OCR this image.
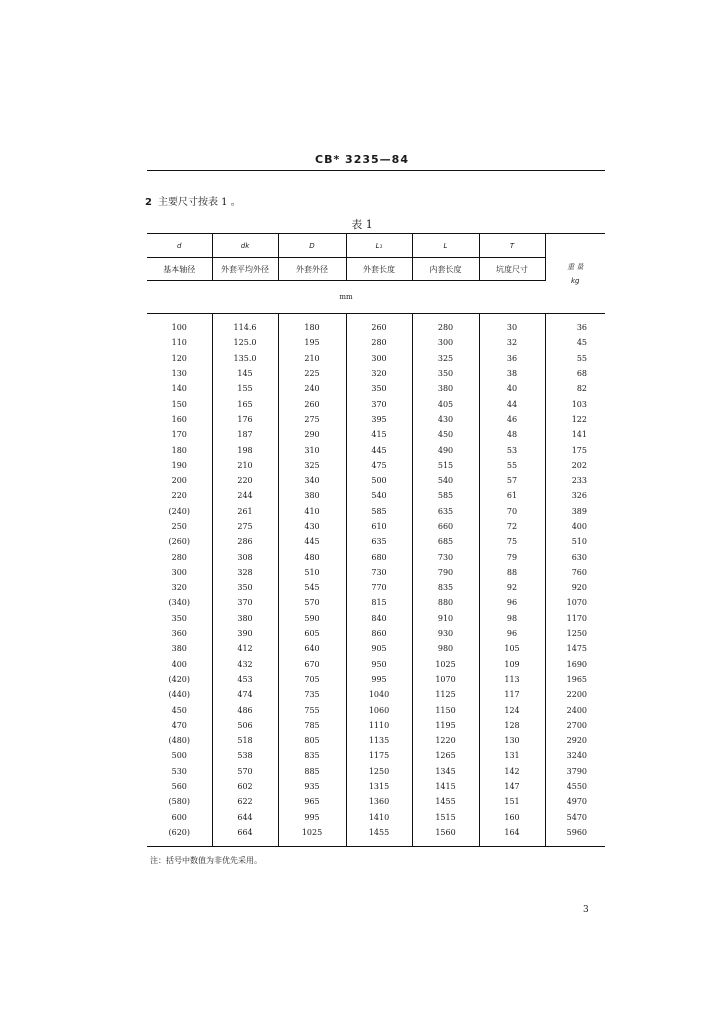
CB* 3235—84
2 主要尺寸按表 1 。
表 1
d	dk	D	L₁	L	T	重 量
kg

基本轴径	外套平均外径	外套外径	外套长度	内套长度	坑度尺寸	
mm						
100	114.6	180	260	280	30	36
110	125.0	195	280	300	32	45
120	135.0	210	300	325	36	55
130	145	225	320	350	38	68
140	155	240	350	380	40	82
150	165	260	370	405	44	103
160	176	275	395	430	46	122
170	187	290	415	450	48	141
180	198	310	445	490	53	175
190	210	325	475	515	55	202
200	220	340	500	540	57	233
220	244	380	540	585	61	326
(240)	261	410	585	635	70	389
250	275	430	610	660	72	400
(260)	286	445	635	685	75	510
280	308	480	680	730	79	630
300	328	510	730	790	88	760
320	350	545	770	835	92	920
(340)	370	570	815	880	96	1070
350	380	590	840	910	98	1170
360	390	605	860	930	96	1250
380	412	640	905	980	105	1475
400	432	670	950	1025	109	1690
(420)	453	705	995	1070	113	1965
(440)	474	735	1040	1125	117	2200
450	486	755	1060	1150	124	2400
470	506	785	1110	1195	128	2700
(480)	518	805	1135	1220	130	2920
500	538	835	1175	1265	131	3240
530	570	885	1250	1345	142	3790
560	602	935	1315	1415	147	4550
(580)	622	965	1360	1455	151	4970
600	644	995	1410	1515	160	5470
(620)	664	1025	1455	1560	164	5960
注：括号中数值为非优先采用。
3
